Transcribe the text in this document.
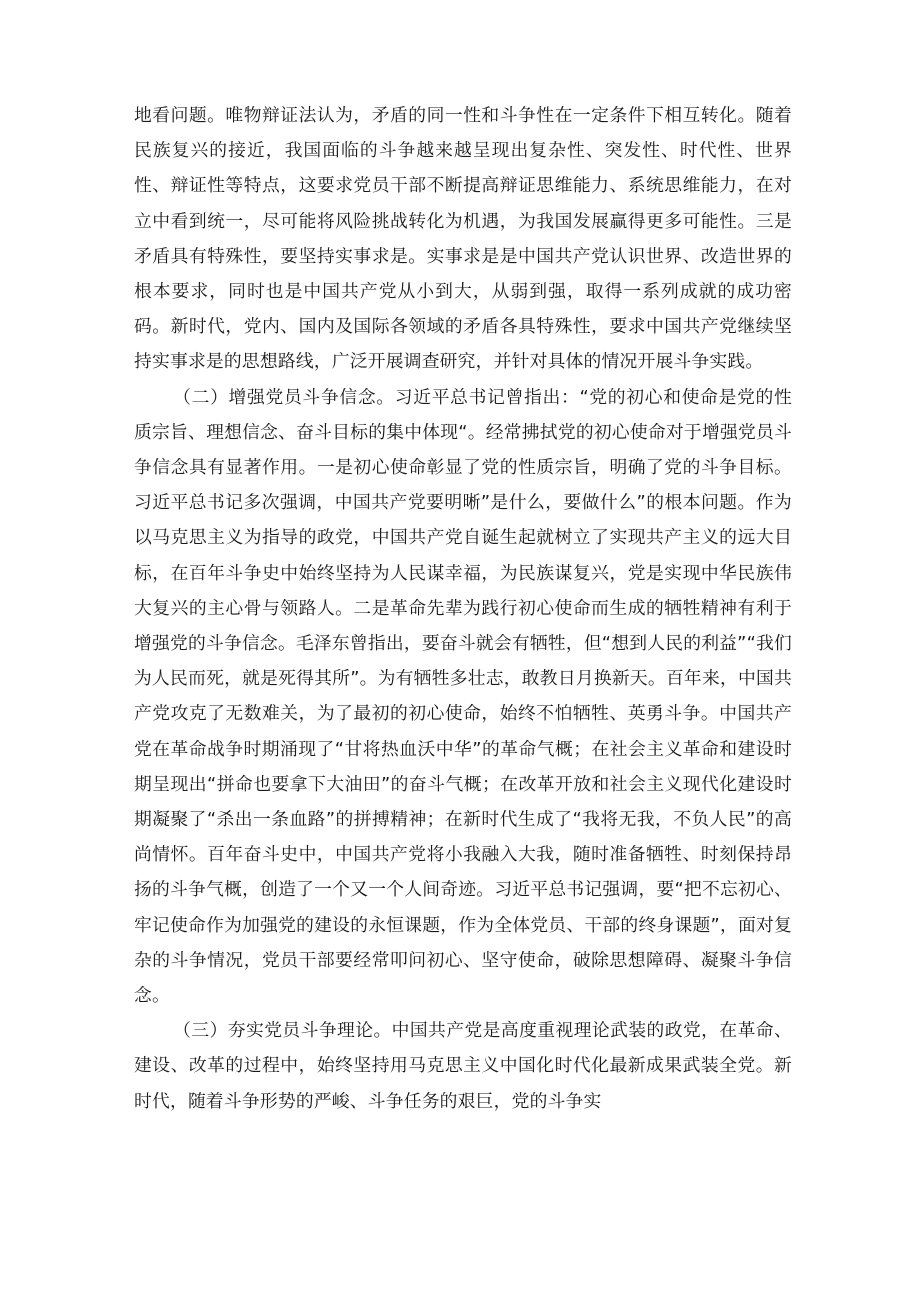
地看问题。唯物辩证法认为，矛盾的同一性和斗争性在一定条件下相互转化。随着民族复兴的接近，我国面临的斗争越来越呈现出复杂性、突发性、时代性、世界性、辩证性等特点，这要求党员干部不断提高辩证思维能力、系统思维能力，在对立中看到统一，尽可能将风险挑战转化为机遇，为我国发展赢得更多可能性。三是矛盾具有特殊性，要坚持实事求是。实事求是是中国共产党认识世界、改造世界的根本要求，同时也是中国共产党从小到大，从弱到强，取得一系列成就的成功密码。新时代，党内、国内及国际各领域的矛盾各具特殊性，要求中国共产党继续坚持实事求是的思想路线，广泛开展调查研究，并针对具体的情况开展斗争实践。

（二）增强党员斗争信念。习近平总书记曾指出：“党的初心和使命是党的性质宗旨、理想信念、奋斗目标的集中体现“。经常拂拭党的初心使命对于增强党员斗争信念具有显著作用。一是初心使命彰显了党的性质宗旨，明确了党的斗争目标。习近平总书记多次强调，中国共产党要明晰”是什么，要做什么”的根本问题。作为以马克思主义为指导的政党，中国共产党自诞生起就树立了实现共产主义的远大目标，在百年斗争史中始终坚持为人民谋幸福，为民族谋复兴，党是实现中华民族伟大复兴的主心骨与领路人。二是革命先辈为践行初心使命而生成的牺牲精神有利于增强党的斗争信念。毛泽东曾指出，要奋斗就会有牺牲，但“想到人民的利益”“我们为人民而死，就是死得其所”。为有牺牲多壮志，敢教日月换新天。百年来，中国共产党攻克了无数难关，为了最初的初心使命，始终不怕牺牲、英勇斗争。中国共产党在革命战争时期涌现了“甘将热血沃中华”的革命气概；在社会主义革命和建设时期呈现出“拼命也要拿下大油田”的奋斗气概；在改革开放和社会主义现代化建设时期凝聚了“杀出一条血路”的拼搏精神；在新时代生成了“我将无我，不负人民”的高尚情怀。百年奋斗史中，中国共产党将小我融入大我，随时准备牺牲、时刻保持昂扬的斗争气概，创造了一个又一个人间奇迹。习近平总书记强调，要“把不忘初心、牢记使命作为加强党的建设的永恒课题，作为全体党员、干部的终身课题”，面对复杂的斗争情况，党员干部要经常叩问初心、坚守使命，破除思想障碍、凝聚斗争信念。

（三）夯实党员斗争理论。中国共产党是高度重视理论武装的政党，在革命、建设、改革的过程中，始终坚持用马克思主义中国化时代化最新成果武装全党。新时代，随着斗争形势的严峻、斗争任务的艰巨，党的斗争实
